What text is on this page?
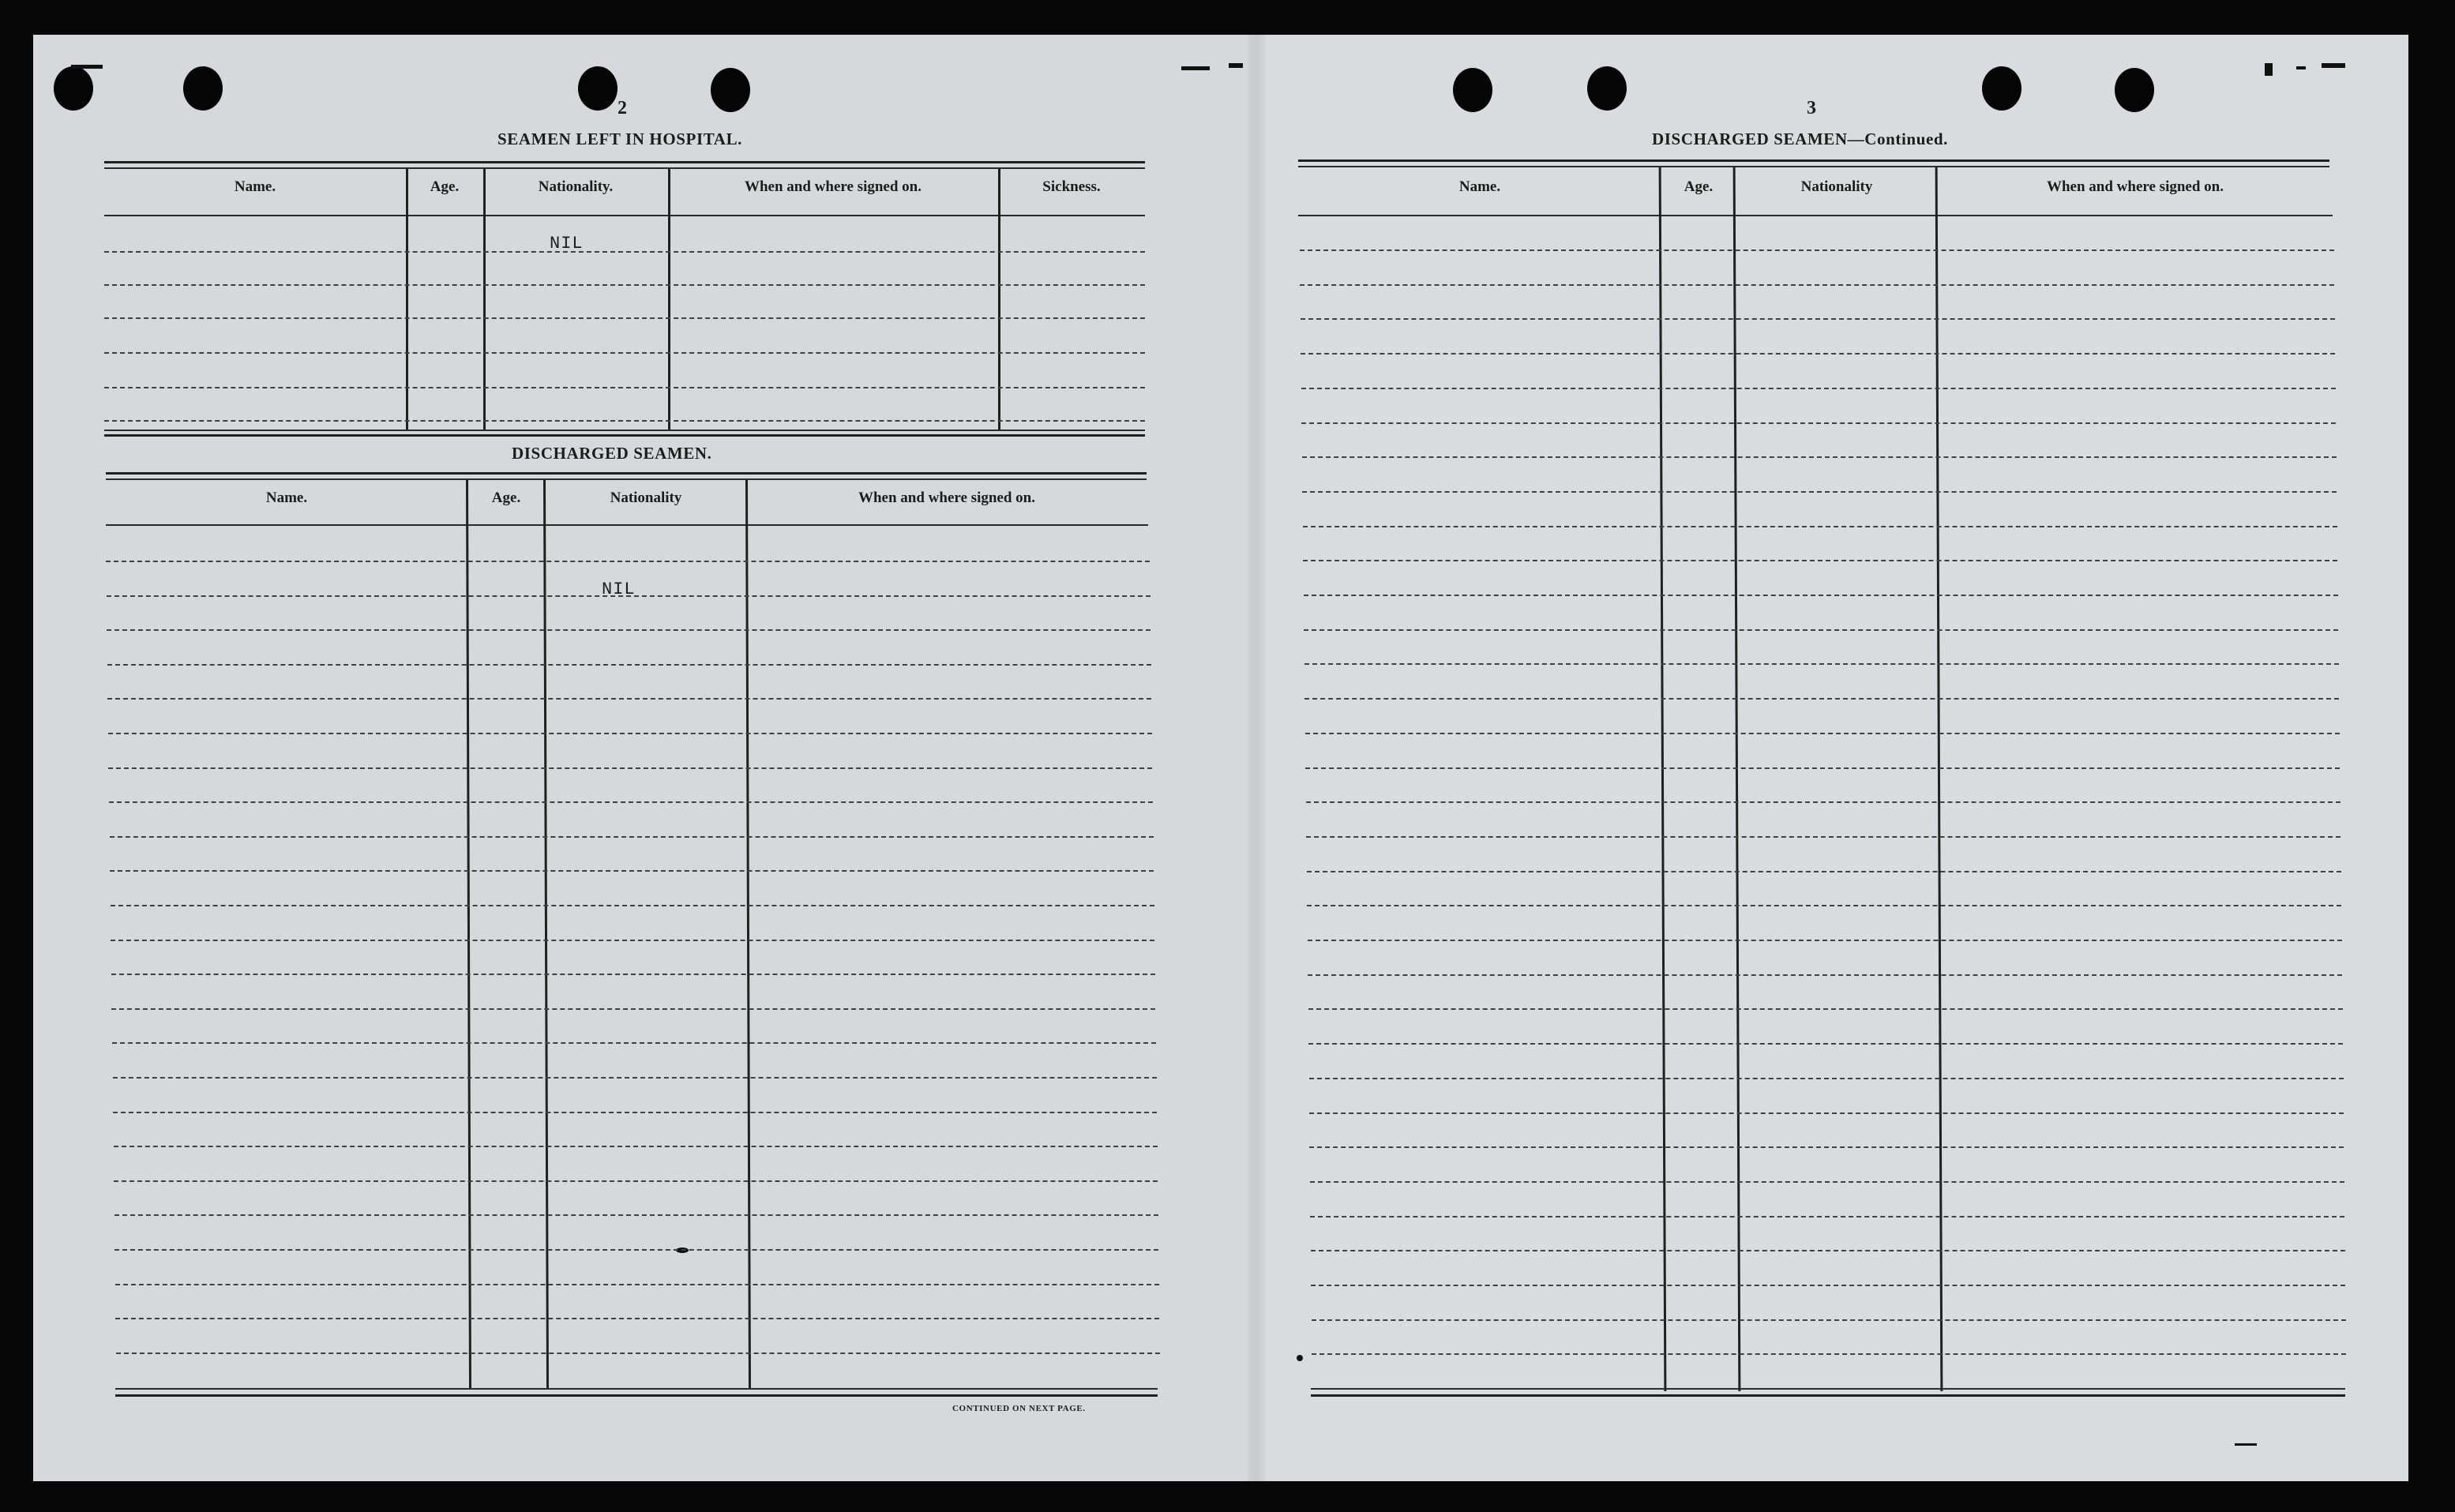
2
SEAMEN LEFT IN HOSPITAL.
Name.	Age.	Nationality.	When and where signed on.	Sickness.
NIL
DISCHARGED SEAMEN.
Name.	Age.	Nationality	When and where signed on.
NIL
CONTINUED ON NEXT PAGE.
3
DISCHARGED SEAMEN—Continued.
Name.	Age.	Nationality	When and where signed on.
